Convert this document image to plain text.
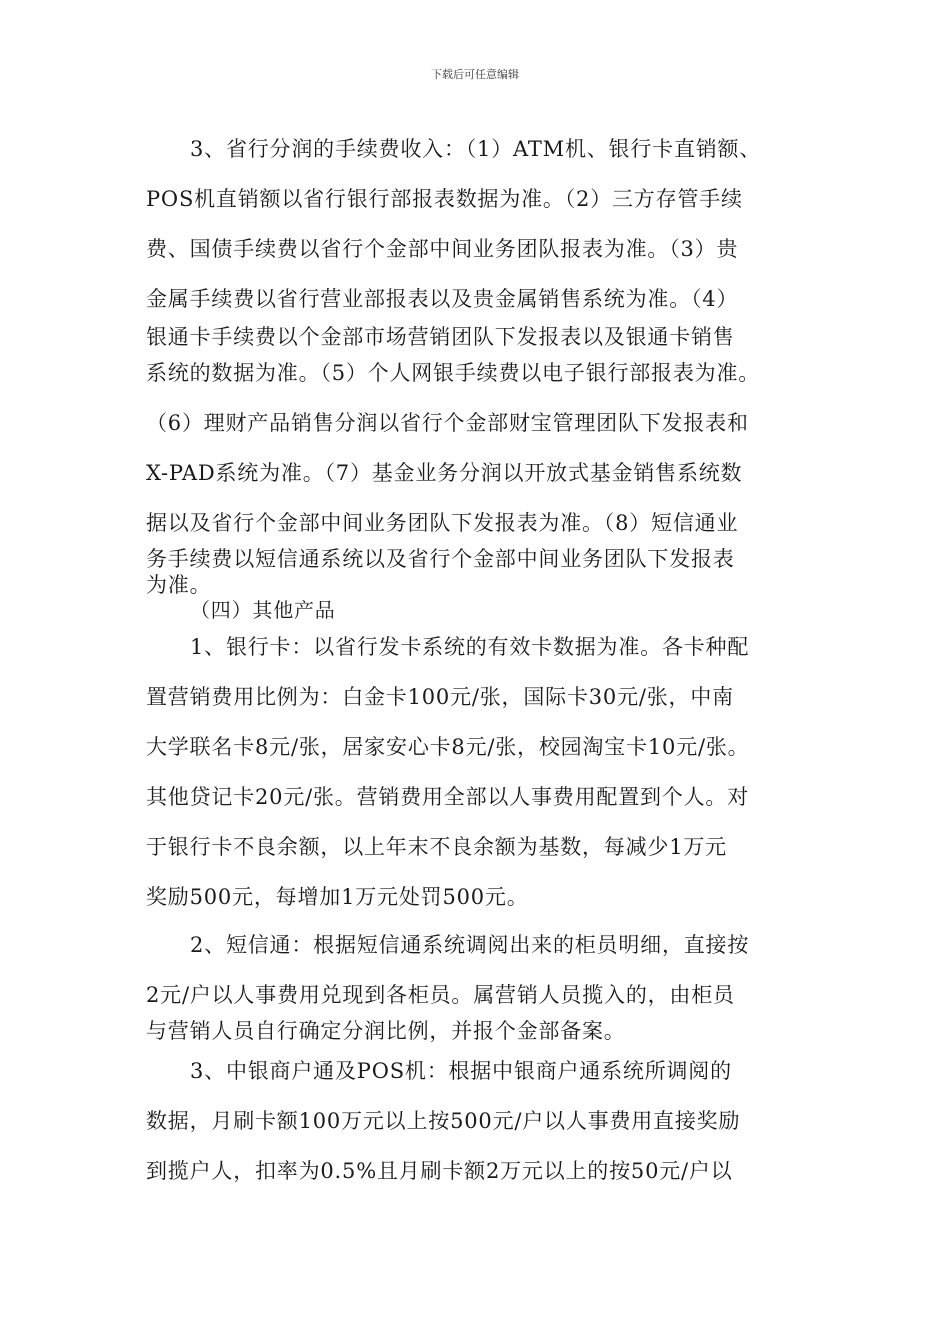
下载后可任意编辑
3、省行分润的手续费收入：（1）ATM机、银行卡直销额、
POS机直销额以省行银行部报表数据为准。（2）三方存管手续
费、国债手续费以省行个金部中间业务团队报表为准。（3）贵
金属手续费以省行营业部报表以及贵金属销售系统为准。（4）
银通卡手续费以个金部市场营销团队下发报表以及银通卡销售
系统的数据为准。（5）个人网银手续费以电子银行部报表为准。
（6）理财产品销售分润以省行个金部财宝管理团队下发报表和
X-PAD系统为准。（7）基金业务分润以开放式基金销售系统数
据以及省行个金部中间业务团队下发报表为准。（8）短信通业
务手续费以短信通系统以及省行个金部中间业务团队下发报表
为准。
（四）其他产品
1、银行卡：以省行发卡系统的有效卡数据为准。各卡种配
置营销费用比例为：白金卡100元/张，国际卡30元/张，中南
大学联名卡8元/张，居家安心卡8元/张，校园淘宝卡10元/张。
其他贷记卡20元/张。营销费用全部以人事费用配置到个人。对
于银行卡不良余额，以上年末不良余额为基数，每减少1万元
奖励500元，每增加1万元处罚500元。
2、短信通：根据短信通系统调阅出来的柜员明细，直接按
2元/户以人事费用兑现到各柜员。属营销人员揽入的，由柜员
与营销人员自行确定分润比例，并报个金部备案。
3、中银商户通及POS机：根据中银商户通系统所调阅的
数据，月刷卡额100万元以上按500元/户以人事费用直接奖励
到揽户人，扣率为0.5%且月刷卡额2万元以上的按50元/户以
